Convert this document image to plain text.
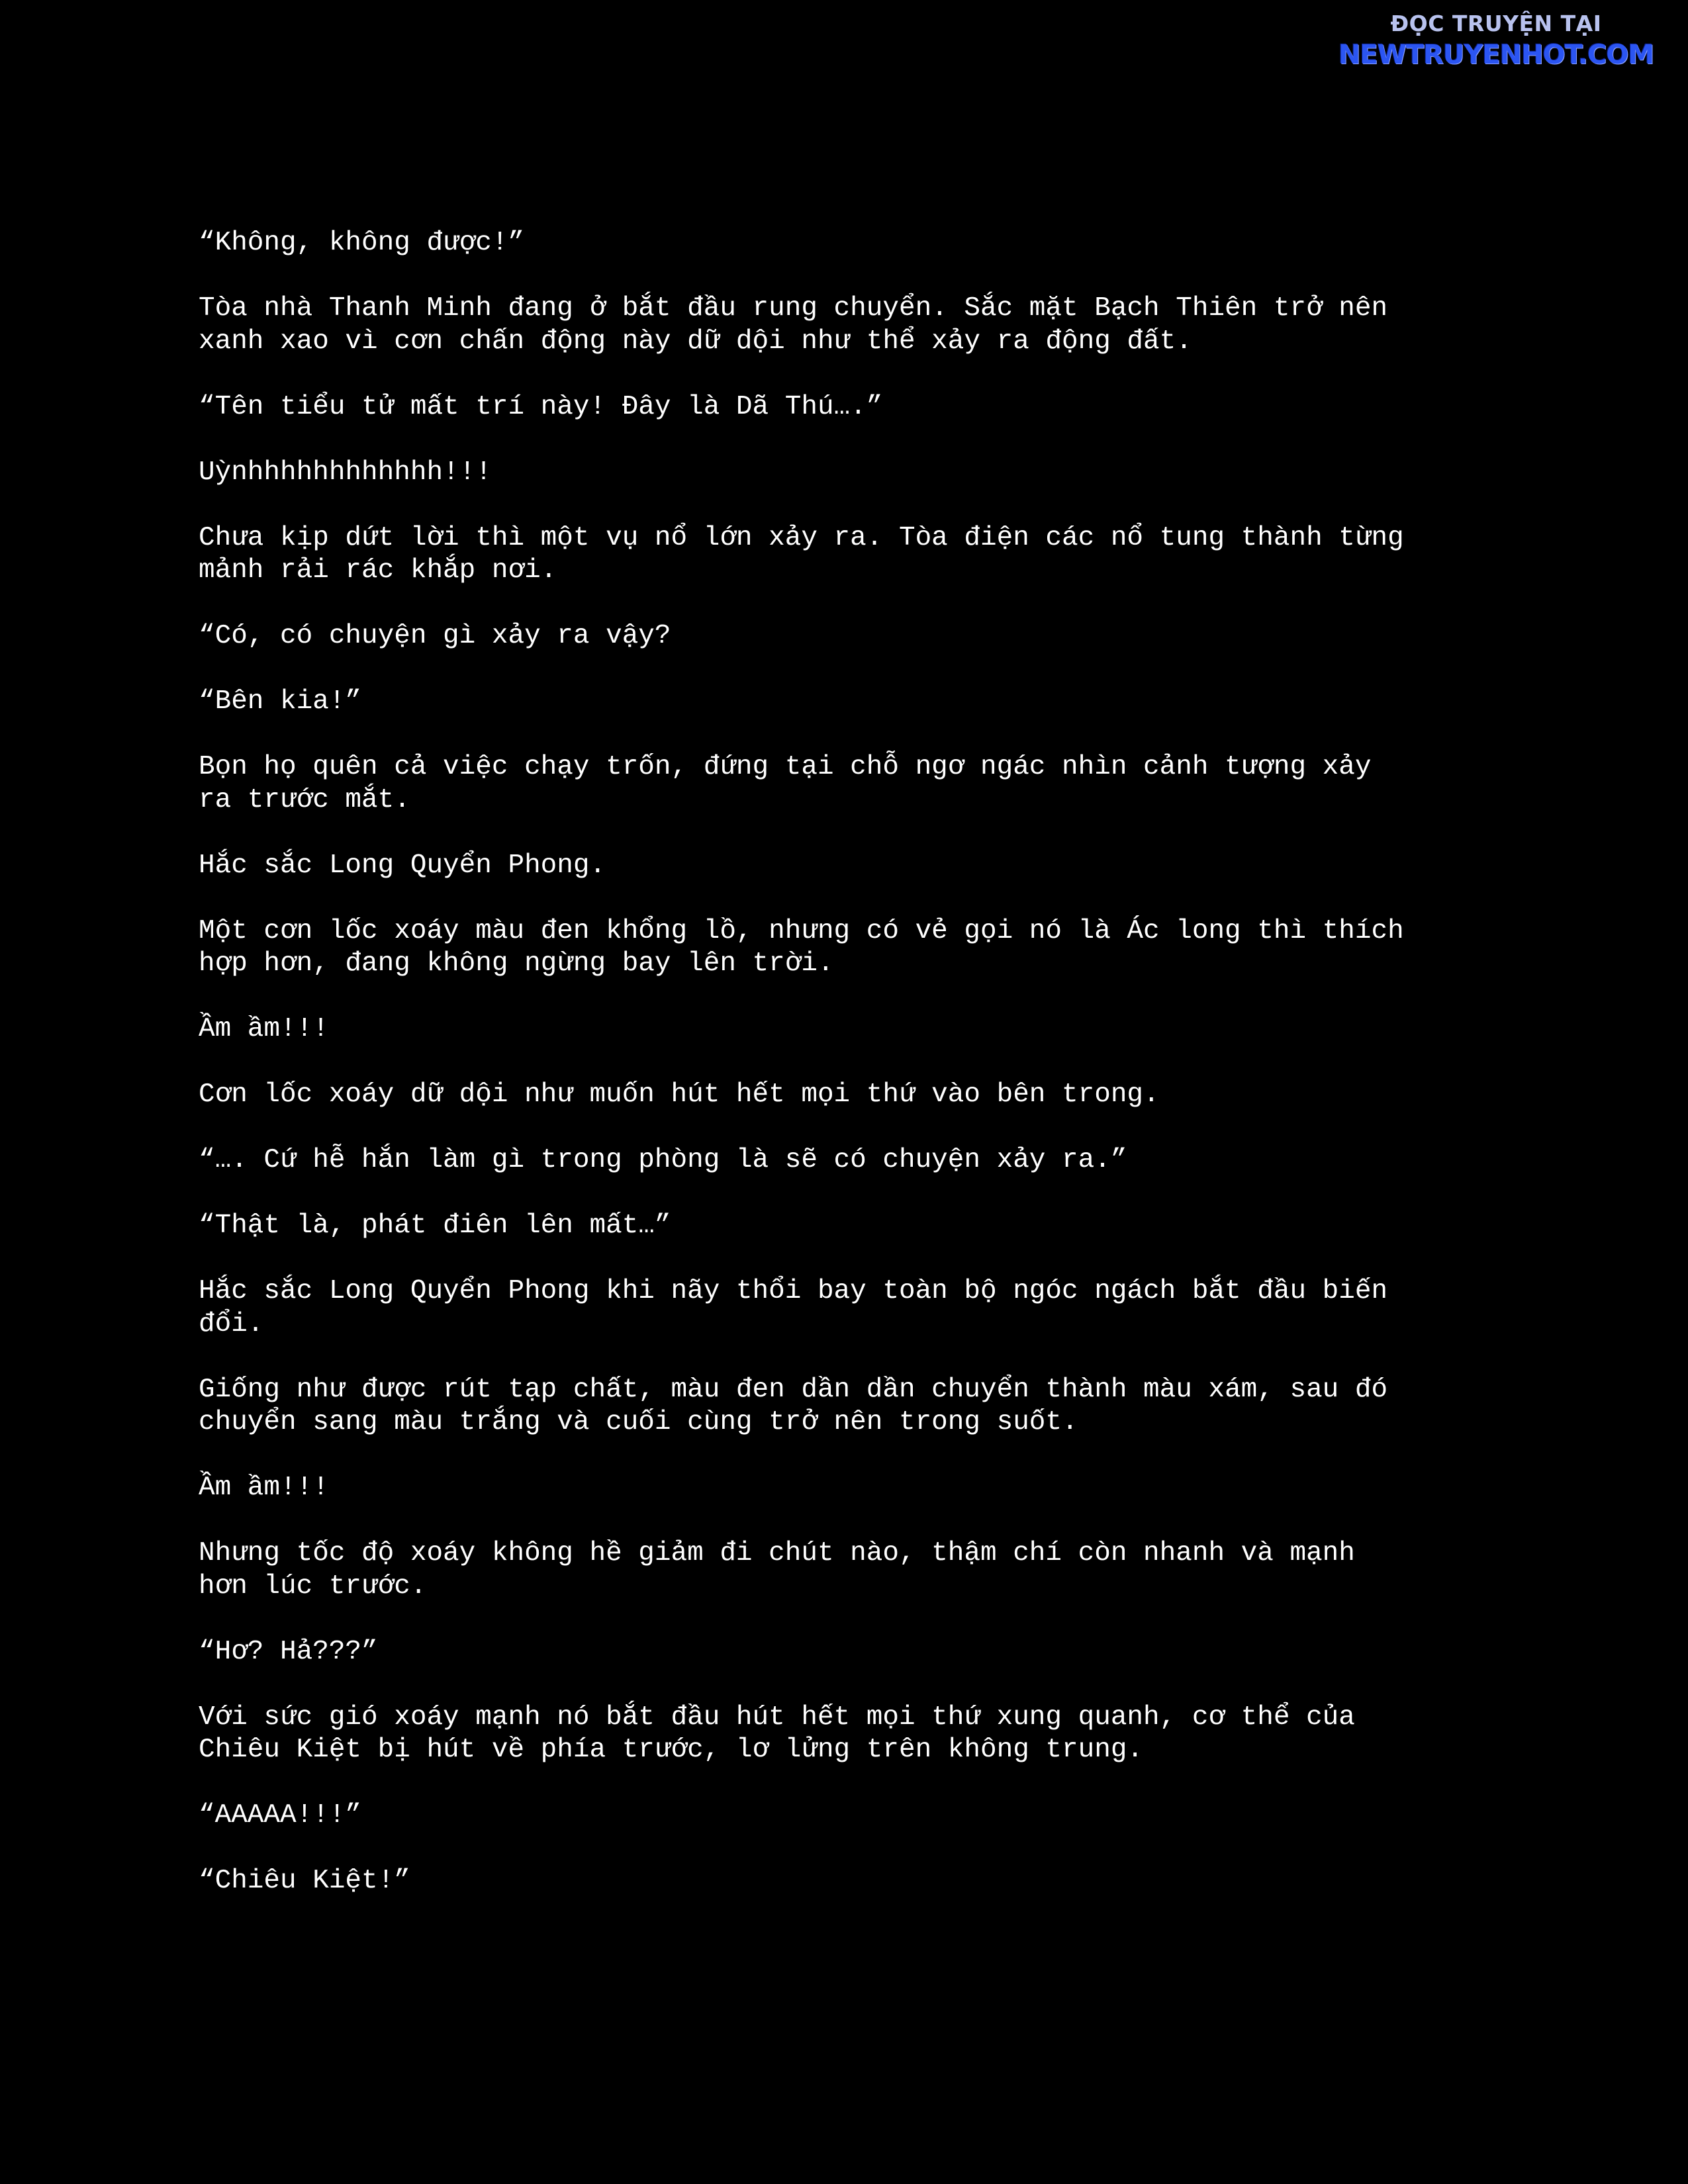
ĐỌC TRUYỆN TẠI
NEWTRUYENHOT.COM

“Không, không được!”

Tòa nhà Thanh Minh đang ở bắt đầu rung chuyển. Sắc mặt Bạch Thiên trở nên
xanh xao vì cơn chấn động này dữ dội như thể xảy ra động đất.

“Tên tiểu tử mất trí này! Đây là Dã Thú….”

Uỳnhhhhhhhhhhhh!!!

Chưa kịp dứt lời thì một vụ nổ lớn xảy ra. Tòa điện các nổ tung thành từng
mảnh rải rác khắp nơi.

“Có, có chuyện gì xảy ra vậy?

“Bên kia!”

Bọn họ quên cả việc chạy trốn, đứng tại chỗ ngơ ngác nhìn cảnh tượng xảy
ra trước mắt.

Hắc sắc Long Quyển Phong.

Một cơn lốc xoáy màu đen khổng lồ, nhưng có vẻ gọi nó là Ác long thì thích
hợp hơn, đang không ngừng bay lên trời.

Ầm ầm!!!

Cơn lốc xoáy dữ dội như muốn hút hết mọi thứ vào bên trong.

“…. Cứ hễ hắn làm gì trong phòng là sẽ có chuyện xảy ra.”

“Thật là, phát điên lên mất…”

Hắc sắc Long Quyển Phong khi nãy thổi bay toàn bộ ngóc ngách bắt đầu biến
đổi.

Giống như được rút tạp chất, màu đen dần dần chuyển thành màu xám, sau đó
chuyển sang màu trắng và cuối cùng trở nên trong suốt.

Ầm ầm!!!

Nhưng tốc độ xoáy không hề giảm đi chút nào, thậm chí còn nhanh và mạnh
hơn lúc trước.

“Hơ? Hả???”

Với sức gió xoáy mạnh nó bắt đầu hút hết mọi thứ xung quanh, cơ thể của
Chiêu Kiệt bị hút về phía trước, lơ lửng trên không trung.

“AAAAA!!!”

“Chiêu Kiệt!”
